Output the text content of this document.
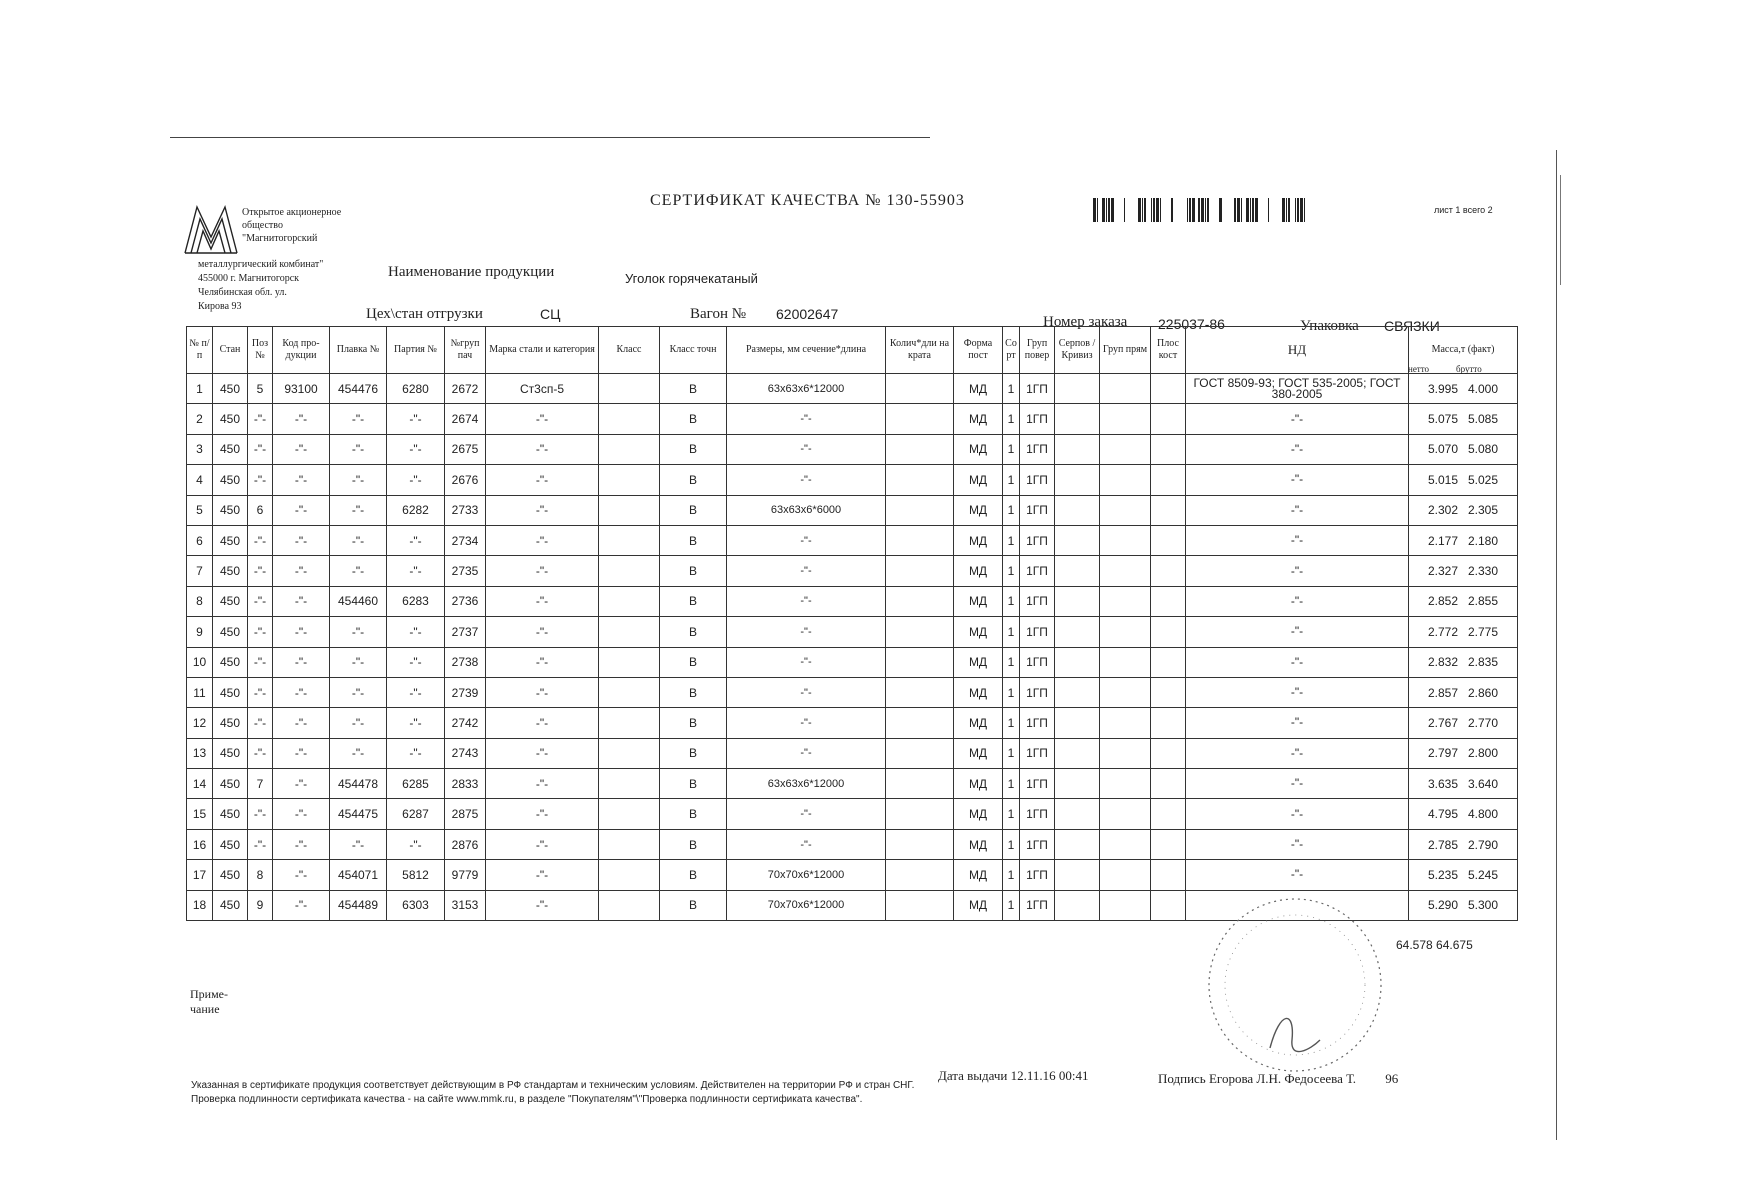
Открытое акционерное
общество
"Магнитогорский
металлургический комбинат"
455000 г. Магнитогорск
Челябинская обл. ул.
Кирова 93
СЕРТИФИКАТ КАЧЕСТВА № 130-55903
лист 1 всего 2
Наименование продукции	Уголок горячекатаный
Цех\стан отгрузки	СЦ	Вагон № 62002647	Номер заказа 225037-86	Упаковка СВЯЗКИ
№ п/п	Стан	Поз №	Код про-дукции	Плавка №	Партия №	№груп пач	Марка стали и категория	Класс	Класс точн	Размеры, мм сечение*длина	Колич*дли на крата	Форма пост	Со рт	Груп повер	Серпов /Кривиз	Груп прям	Плос кост	НД	Масса,т (факт)
1	450	5	93100	454476	6280	2672	Ст3сп-5		В	63х63х6*12000		МД	1	1ГП				ГОСТ 8509-93; ГОСТ 535-2005; ГОСТ 380-2005	3.995 4.000
2	450	-"-	-"-	-"-	-"-	2674	-"-		В	-"-		МД	1	1ГП				-"-	5.075 5.085
3	450	-"-	-"-	-"-	-"-	2675	-"-		В	-"-		МД	1	1ГП				-"-	5.070 5.080
4	450	-"-	-"-	-"-	-"-	2676	-"-		В	-"-		МД	1	1ГП				-"-	5.015 5.025
5	450	6	-"-	-"-	6282	2733	-"-		В	63х63х6*6000		МД	1	1ГП				-"-	2.302 2.305
6	450	-"-	-"-	-"-	-"-	2734	-"-		В	-"-		МД	1	1ГП				-"-	2.177 2.180
7	450	-"-	-"-	-"-	-"-	2735	-"-		В	-"-		МД	1	1ГП				-"-	2.327 2.330
8	450	-"-	-"-	454460	6283	2736	-"-		В	-"-		МД	1	1ГП				-"-	2.852 2.855
9	450	-"-	-"-	-"-	-"-	2737	-"-		В	-"-		МД	1	1ГП				-"-	2.772 2.775
10	450	-"-	-"-	-"-	-"-	2738	-"-		В	-"-		МД	1	1ГП				-"-	2.832 2.835
11	450	-"-	-"-	-"-	-"-	2739	-"-		В	-"-		МД	1	1ГП				-"-	2.857 2.860
12	450	-"-	-"-	-"-	-"-	2742	-"-		В	-"-		МД	1	1ГП				-"-	2.767 2.770
13	450	-"-	-"-	-"-	-"-	2743	-"-		В	-"-		МД	1	1ГП				-"-	2.797 2.800
14	450	7	-"-	454478	6285	2833	-"-		В	63х63х6*12000		МД	1	1ГП				-"-	3.635 3.640
15	450	-"-	-"-	454475	6287	2875	-"-		В	-"-		МД	1	1ГП				-"-	4.795 4.800
16	450	-"-	-"-	-"-	-"-	2876	-"-		В	-"-		МД	1	1ГП				-"-	2.785 2.790
17	450	8	-"-	454071	5812	9779	-"-		В	70х70х6*12000		МД	1	1ГП				-"-	5.235 5.245
18	450	9	-"-	454489	6303	3153	-"-		В	70х70х6*12000		МД	1	1ГП					5.290 5.300
нетто	брутто
64.578 64.675
Приме-
чание
Дата выдачи 12.11.16 00:41	Подпись Егорова Л.Н. Федосеева Т. 96
Указанная в сертификате продукция соответствует действующим в РФ стандартам и техническим условиям. Действителен на территории РФ и стран СНГ.
Проверка подлинности сертификата качества - на сайте www.mmk.ru, в разделе "Покупателям"\"Проверка подлинности сертификата качества".
